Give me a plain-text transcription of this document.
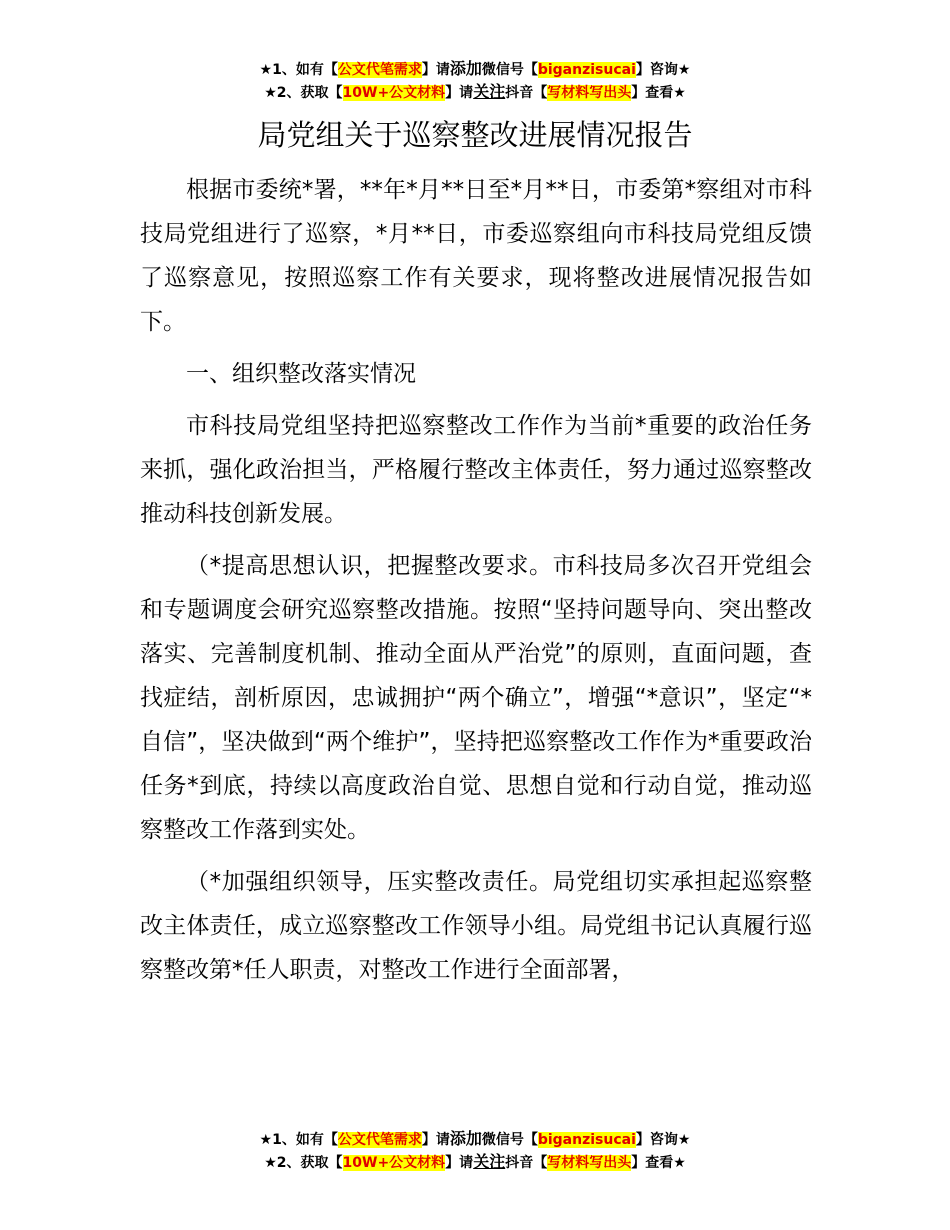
★1、如有【公文代笔需求】请添加微信号【biganzisucai】咨询★
★2、获取【10W+公文材料】请关注抖音【写材料写出头】查看★
局党组关于巡察整改进展情况报告

根据市委统*署，**年*月**日至*月**日，市委第*察组对市科技局党组进行了巡察，*月**日，市委巡察组向市科技局党组反馈了巡察意见，按照巡察工作有关要求，现将整改进展情况报告如下。

一、组织整改落实情况

市科技局党组坚持把巡察整改工作作为当前*重要的政治任务来抓，强化政治担当，严格履行整改主体责任，努力通过巡察整改推动科技创新发展。

（*提高思想认识，把握整改要求。市科技局多次召开党组会和专题调度会研究巡察整改措施。按照“坚持问题导向、突出整改落实、完善制度机制、推动全面从严治党”的原则，直面问题，查找症结，剖析原因，忠诚拥护“两个确立”，增强“*意识”，坚定“*自信”，坚决做到“两个维护”，坚持把巡察整改工作作为*重要政治任务*到底，持续以高度政治自觉、思想自觉和行动自觉，推动巡察整改工作落到实处。

（*加强组织领导，压实整改责任。局党组切实承担起巡察整改主体责任，成立巡察整改工作领导小组。局党组书记认真履行巡察整改第*任人职责，对整改工作进行全面部署，

★1、如有【公文代笔需求】请添加微信号【biganzisucai】咨询★
★2、获取【10W+公文材料】请关注抖音【写材料写出头】查看★
